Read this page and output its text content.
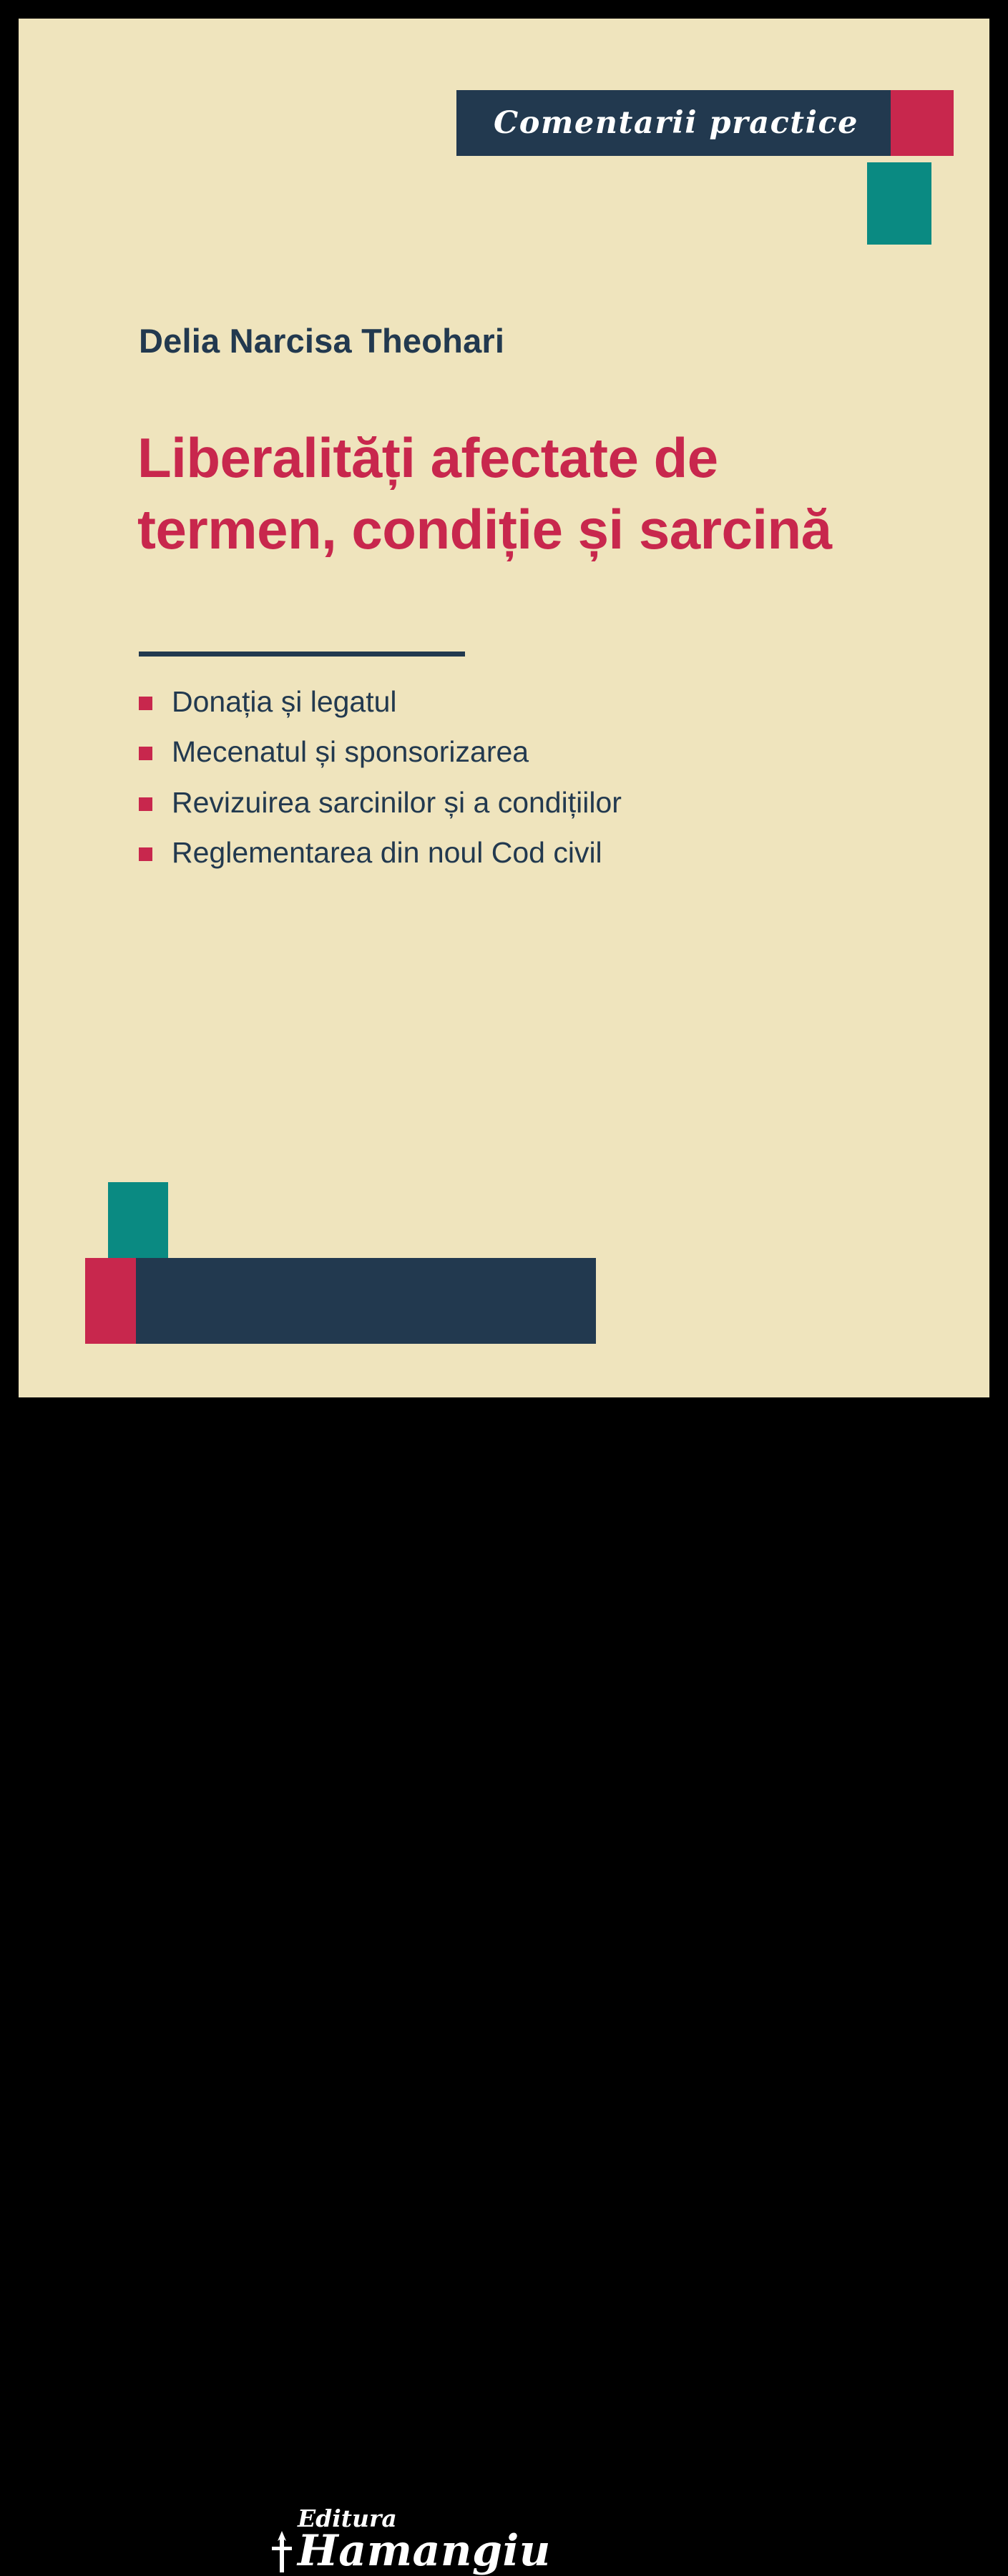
Comentarii practice
Delia Narcisa Theohari
Liberalități afectate de termen, condiție și sarcină
Donația și legatul
Mecenatul și sponsorizarea
Revizuirea sarcinilor și a condițiilor
Reglementarea din noul Cod civil
Editura
Hamangiu
